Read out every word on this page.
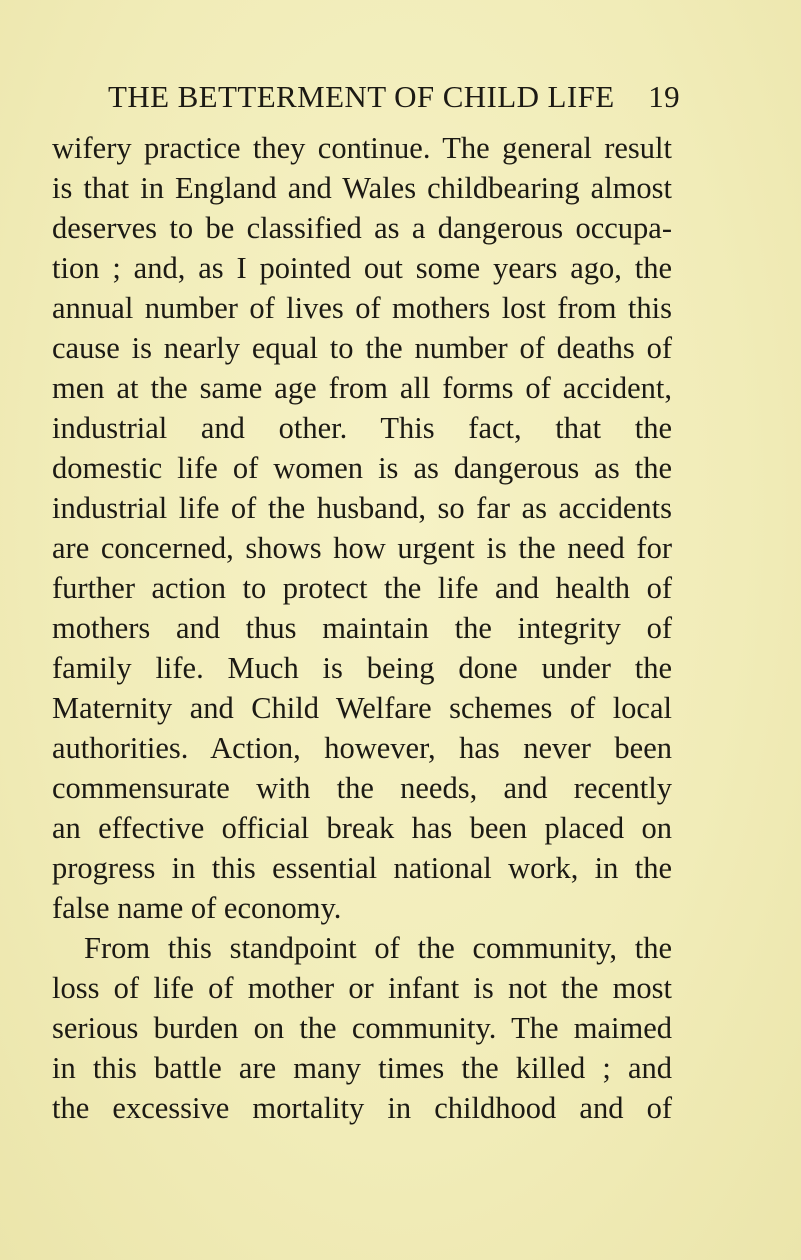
THE BETTERMENT OF CHILD LIFE 19
wifery practice they continue. The general result
is that in England and Wales childbearing almost
deserves to be classified as a dangerous occupa-
tion ; and, as I pointed out some years ago, the
annual number of lives of mothers lost from this
cause is nearly equal to the number of deaths of
men at the same age from all forms of accident,
industrial and other. This fact, that the
domestic life of women is as dangerous as the
industrial life of the husband, so far as accidents
are concerned, shows how urgent is the need for
further action to protect the life and health of
mothers and thus maintain the integrity of
family life. Much is being done under the
Maternity and Child Welfare schemes of local
authorities. Action, however, has never been
commensurate with the needs, and recently
an effective official break has been placed on
progress in this essential national work, in the
false name of economy.
From this standpoint of the community, the
loss of life of mother or infant is not the most
serious burden on the community. The maimed
in this battle are many times the killed ; and
the excessive mortality in childhood and of
